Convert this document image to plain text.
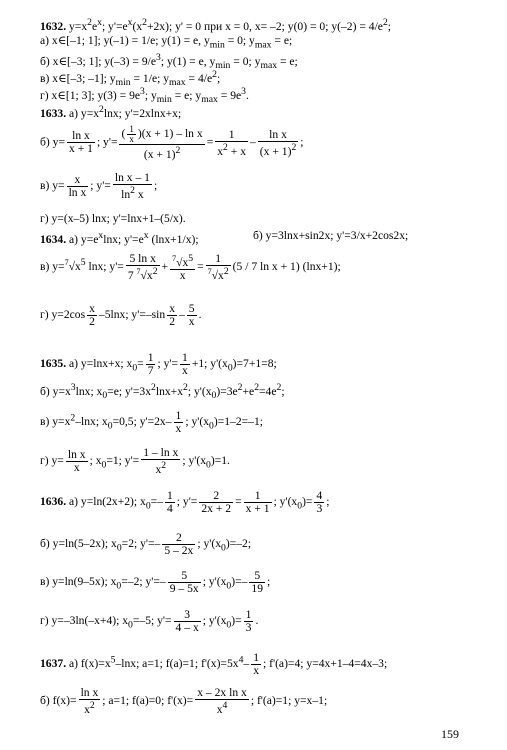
1632. $y=x^2e^x$; $y'=e^x(x^2+2x)$; y' = 0 при x = 0, x= –2; y(0) = 0; $y(-2) = 4/e^2$;
а) x∈[–1; 1]; y(–1) = 1/e; y(1) = e, $y_{min} = 0$; $y_{max} = e$;
б) x∈[–3; 1]; $y(-3) = 9/e^3$; y(1) = e, $y_{min} = 0$; $y_{max} = e$;
в) x∈[–3; –1]; $y_{min} = 1/e$; $y_{max} = 4/e^2$;
г) x∈[1; 3]; $y(3) = 9e^3$; $y_{min} = e$; $y_{max} = 9e^3$.
1633. а) $y=x^2\ln x$; y'=2xlnx+x;
б) $y= \frac{\text{ln x}}{x + 1}$ ; $y'= \frac{( \frac{1}{x} )(x + 1) - \ln x}{(x + 1)^2} = \frac{1}{x^2 + x} - \frac{\text{ln x}}{(x + 1)^2}$ ;
в) $y= \frac{x}{\text{ln x}}$ ; $y'= \frac{\text{ln x – 1}}{\ln^2 x}$ ;
г) y=(x–5) lnx; y'=lnx+1–(5/x).
1634. а) $y=e^x\ln x$; $y'=e^x$ (lnx+1/x);	б) y=3lnx+sin2x; y'=3/x+2cos2x;
в) $y=^7√x^5$ lnx; $y'= \frac{\text{5 ln x}}{7 ^7√x^2} + \frac{^7√x^5}{x} = \frac{1}{^7√x^2} (5 / 7$ ln x + 1) (lnx+1);
г) $y=2\cos \frac{x}{2} -5\ln x$; $y'=-\sin \frac{x}{2} - \frac{5}{x}$ .
1635. а) y=lnx+x; $x_0= \frac{1}{7}$ ; $y'= \frac{1}{x} +1$; $y'(x_0)=7+1=8$;
б) $y=x^3\ln x$; $x_0=e$; $y'=3x^2\ln x+x^2$; $y'(x_0)=3e^2+e^2=4e^2$;
в) $y=x^2$–lnx; $x_0=0,5$; $y'=2x- \frac{1}{x}$ ; $y'(x_0)=1-2=-1$;
г) $y= \frac{\text{ln x}}{x}$ ; $x_0=1$; $y'= \frac{\text{1 – ln x}}{x^2}$ ; $y'(x_0)=1$.
1636. а) y=ln(2x+2); $x_0=- \frac{1}{4}$ ; $y'= \frac{2}{2x + 2} = \frac{1}{x + 1}$ ; $y'(x_0)= \frac{4}{3}$ ;
б) y=ln(5–2x); $x_0=2$; $y'=- \frac{2}{5 - 2x}$ ; $y'(x_0)=-2$;
в) y=ln(9–5x); $x_0=-2$; $y'=- \frac{5}{9 - 5x}$ ; $y'(x_0)=- \frac{5}{19}$ ;
г) y=–3ln(–x+4); $x_0=-5$; $y'= \frac{3}{4 - x}$ ; $y'(x_0)= \frac{1}{3}$ .
1637. а) $f(x)=x^5$–lnx; a=1; f(a)=1; $f'(x)=5x^4- \frac{1}{x}$ ; f'(a)=4; y=4x+1–4=4x–3;
б) $f(x)= \frac{\text{ln x}}{x^2}$ ; a=1; f(a)=0; $f'(x)= \frac{\text{x – 2x ln x}}{x^4}$ ; f'(a)=1; y=x–1;
159
